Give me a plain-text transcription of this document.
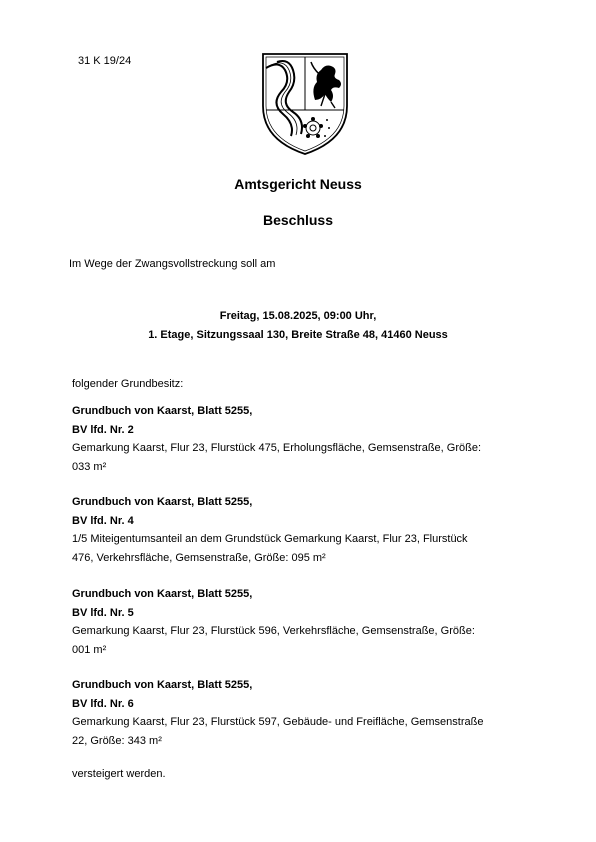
31 K 19/24
Amtsgericht Neuss
Beschluss
Im Wege der Zwangsvollstreckung soll am
Freitag, 15.08.2025, 09:00 Uhr,
1. Etage, Sitzungssaal 130, Breite Straße 48, 41460 Neuss
folgender Grundbesitz:
Grundbuch von Kaarst, Blatt 5255,
BV lfd. Nr. 2
Gemarkung Kaarst, Flur 23, Flurstück 475, Erholungsfläche, Gemsenstraße, Größe:
033 m²
Grundbuch von Kaarst, Blatt 5255,
BV lfd. Nr. 4
1/5 Miteigentumsanteil an dem Grundstück Gemarkung Kaarst, Flur 23, Flurstück
476, Verkehrsfläche, Gemsenstraße, Größe: 095 m²
Grundbuch von Kaarst, Blatt 5255,
BV lfd. Nr. 5
Gemarkung Kaarst, Flur 23, Flurstück 596, Verkehrsfläche, Gemsenstraße, Größe:
001 m²
Grundbuch von Kaarst, Blatt 5255,
BV lfd. Nr. 6
Gemarkung Kaarst, Flur 23, Flurstück 597, Gebäude- und Freifläche, Gemsenstraße
22, Größe: 343 m²
versteigert werden.
